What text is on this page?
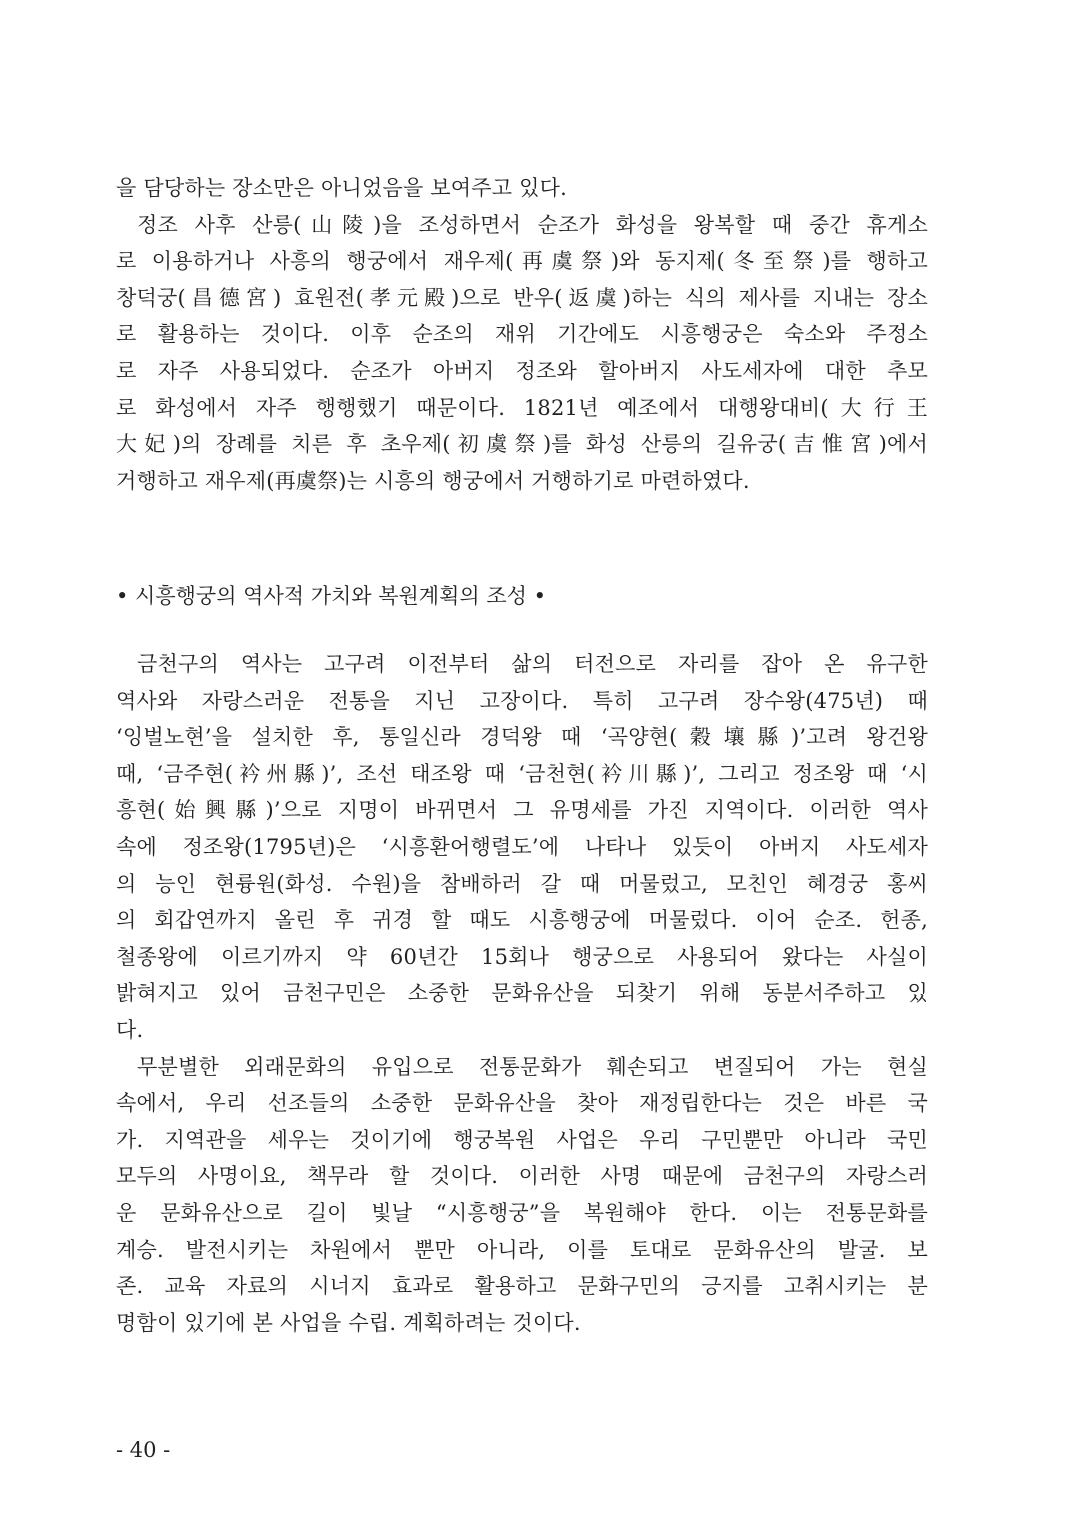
을 담당하는 장소만은 아니었음을 보여주고 있다.
정조 사후 산릉(山陵)을 조성하면서 순조가 화성을 왕복할 때 중간 휴게소
로 이용하거나 사흥의 행궁에서 재우제(再虞祭)와 동지제(冬至祭)를 행하고
창덕궁(昌德宮) 효원전(孝元殿)으로 반우(返虞)하는 식의 제사를 지내는 장소
로 활용하는 것이다. 이후 순조의 재위 기간에도 시흥행궁은 숙소와 주정소
로 자주 사용되었다. 순조가 아버지 정조와 할아버지 사도세자에 대한 추모
로 화성에서 자주 행행했기 때문이다. 1821년 예조에서 대행왕대비(大行王
大妃)의 장례를 치른 후 초우제(初虞祭)를 화성 산릉의 길유궁(吉惟宮)에서
거행하고 재우제(再虞祭)는 시흥의 행궁에서 거행하기로 마련하였다.
• 시흥행궁의 역사적 가치와 복원계획의 조성 •
금천구의 역사는 고구려 이전부터 삶의 터전으로 자리를 잡아 온 유구한
역사와 자랑스러운 전통을 지닌 고장이다. 특히 고구려 장수왕(475년) 때
‘잉벌노현’을 설치한 후, 통일신라 경덕왕 때 ‘곡양현(穀壤縣)’고려 왕건왕
때, ‘금주현(衿州縣)’, 조선 태조왕 때 ‘금천현(衿川縣)’, 그리고 정조왕 때 ‘시
흥현(始興縣)’으로 지명이 바뀌면서 그 유명세를 가진 지역이다. 이러한 역사
속에 정조왕(1795년)은 ‘시흥환어행렬도’에 나타나 있듯이 아버지 사도세자
의 능인 현륭원(화성. 수원)을 참배하러 갈 때 머물렀고, 모친인 혜경궁 홍씨
의 회갑연까지 올린 후 귀경 할 때도 시흥행궁에 머물렀다. 이어 순조. 헌종,
철종왕에 이르기까지 약 60년간 15회나 행궁으로 사용되어 왔다는 사실이
밝혀지고 있어 금천구민은 소중한 문화유산을 되찾기 위해 동분서주하고 있
다.
무분별한 외래문화의 유입으로 전통문화가 훼손되고 변질되어 가는 현실
속에서, 우리 선조들의 소중한 문화유산을 찾아 재정립한다는 것은 바른 국
가. 지역관을 세우는 것이기에 행궁복원 사업은 우리 구민뿐만 아니라 국민
모두의 사명이요, 책무라 할 것이다. 이러한 사명 때문에 금천구의 자랑스러
운 문화유산으로 길이 빛날 “시흥행궁”을 복원해야 한다. 이는 전통문화를
계승. 발전시키는 차원에서 뿐만 아니라, 이를 토대로 문화유산의 발굴. 보
존. 교육 자료의 시너지 효과로 활용하고 문화구민의 긍지를 고취시키는 분
명함이 있기에 본 사업을 수립. 계획하려는 것이다.
- 40 -
